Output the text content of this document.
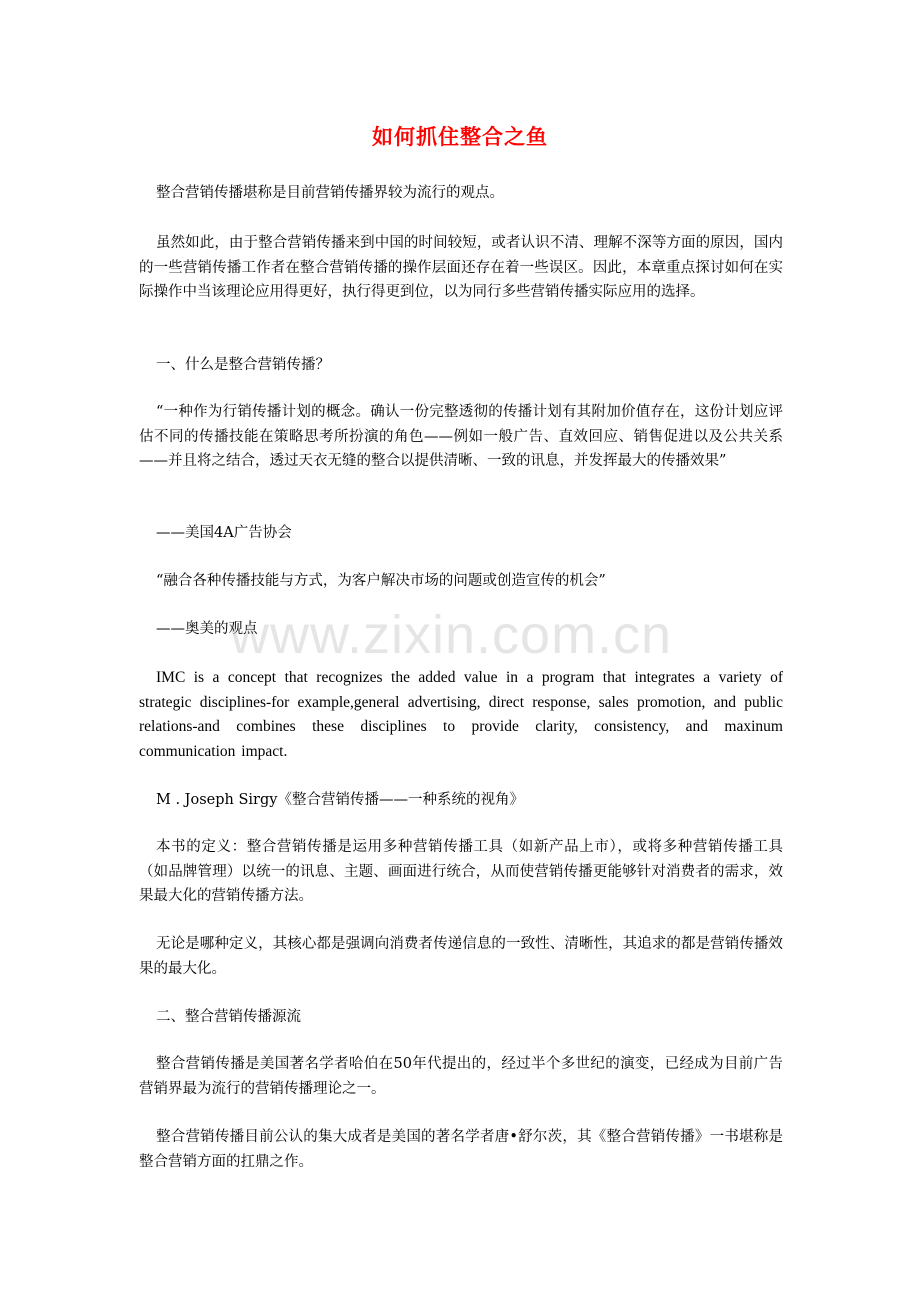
如何抓住整合之鱼

整合营销传播堪称是目前营销传播界较为流行的观点。

虽然如此，由于整合营销传播来到中国的时间较短，或者认识不清、理解不深等方面的原因，国内的一些营销传播工作者在整合营销传播的操作层面还存在着一些误区。因此，本章重点探讨如何在实际操作中当该理论应用得更好，执行得更到位，以为同行多些营销传播实际应用的选择。

一、什么是整合营销传播？

“一种作为行销传播计划的概念。确认一份完整透彻的传播计划有其附加价值存在，这份计划应评估不同的传播技能在策略思考所扮演的角色——例如一般广告、直效回应、销售促进以及公共关系——并且将之结合，透过天衣无缝的整合以提供清晰、一致的讯息，并发挥最大的传播效果”

——美国4A广告协会

“融合各种传播技能与方式，为客户解决市场的问题或创造宣传的机会”

——奥美的观点

IMC is a concept that recognizes the added value in a program that integrates a variety of strategic disciplines-for example,general advertising, direct response, sales promotion, and public relations-and combines these disciplines to provide clarity, consistency, and maxinum communication impact.

M . Joseph Sirgy《整合营销传播——一种系统的视角》

本书的定义：整合营销传播是运用多种营销传播工具（如新产品上市），或将多种营销传播工具（如品牌管理）以统一的讯息、主题、画面进行统合，从而使营销传播更能够针对消费者的需求，效果最大化的营销传播方法。

无论是哪种定义，其核心都是强调向消费者传递信息的一致性、清晰性，其追求的都是营销传播效果的最大化。

二、整合营销传播源流

整合营销传播是美国著名学者哈伯在50年代提出的，经过半个多世纪的演变，已经成为目前广告营销界最为流行的营销传播理论之一。

整合营销传播目前公认的集大成者是美国的著名学者唐•舒尔茨，其《整合营销传播》一书堪称是整合营销方面的扛鼎之作。

www.zixin.com.cn
